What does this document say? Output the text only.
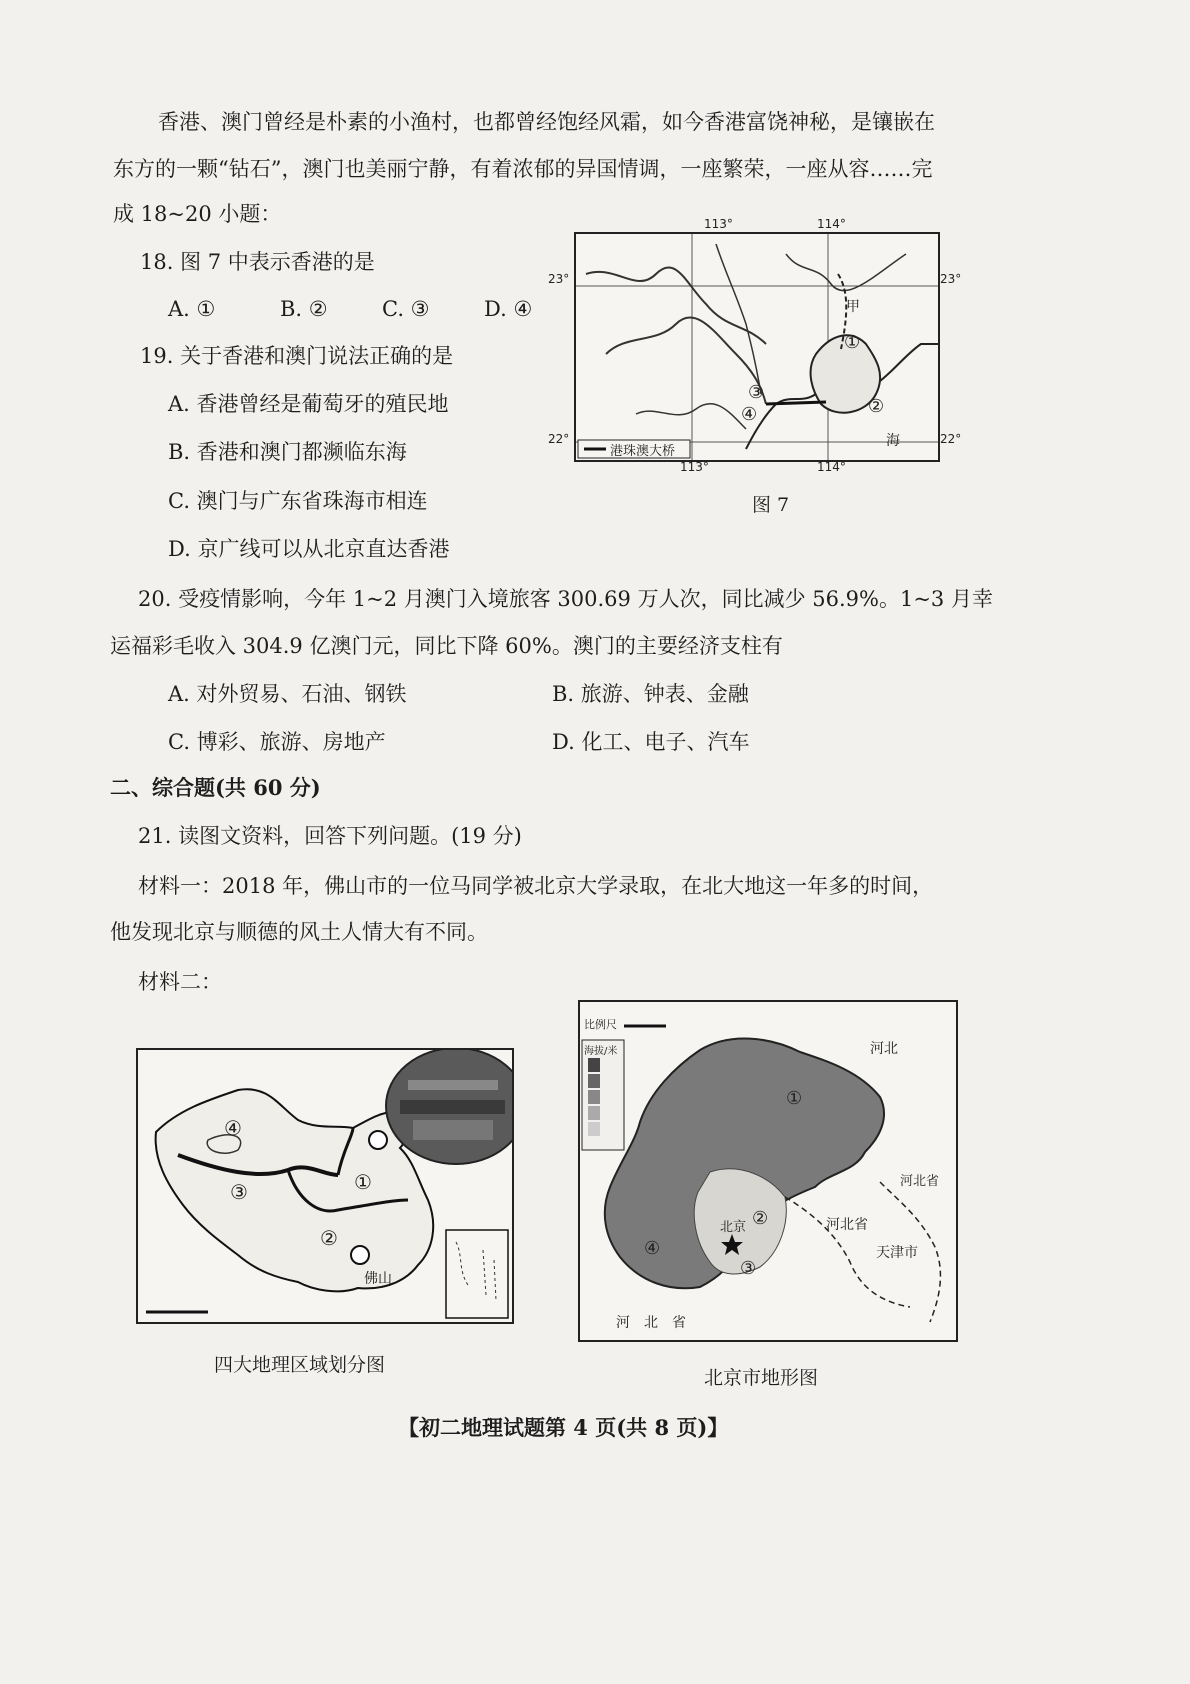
香港、澳门曾经是朴素的小渔村，也都曾经饱经风霜，如今香港富饶神秘，是镶嵌在
东方的一颗“钻石”，澳门也美丽宁静，有着浓郁的异国情调，一座繁荣，一座从容……完
成 18~20 小题：
18. 图 7 中表示香港的是
A. ①	B. ②	C. ③	D. ④
19. 关于香港和澳门说法正确的是
A. 香港曾经是葡萄牙的殖民地
B. 香港和澳门都濒临东海
C. 澳门与广东省珠海市相连
D. 京广线可以从北京直达香港
港珠澳大桥
甲
海
①
②
③
④
113°	114°
23°	23°
22°	22°
113°	114°
图 7
20. 受疫情影响，今年 1~2 月澳门入境旅客 300.69 万人次，同比减少 56.9%。1~3 月幸
运福彩毛收入 304.9 亿澳门元，同比下降 60%。澳门的主要经济支柱有
A. 对外贸易、石油、钢铁	B. 旅游、钟表、金融
C. 博彩、旅游、房地产	D. 化工、电子、汽车
二、综合题(共 60 分)
21. 读图文资料，回答下列问题。(19 分)
材料一：2018 年，佛山市的一位马同学被北京大学录取，在北大地这一年多的时间，
他发现北京与顺德的风土人情大有不同。
材料二：
④
③	①
②
佛山
四大地理区域划分图
比例尺
海拔/米	河北
①
②
③
④
北京	河北省
天津市
河北省
河　北　省
北京市地形图
【初二地理试题第 4 页(共 8 页)】
